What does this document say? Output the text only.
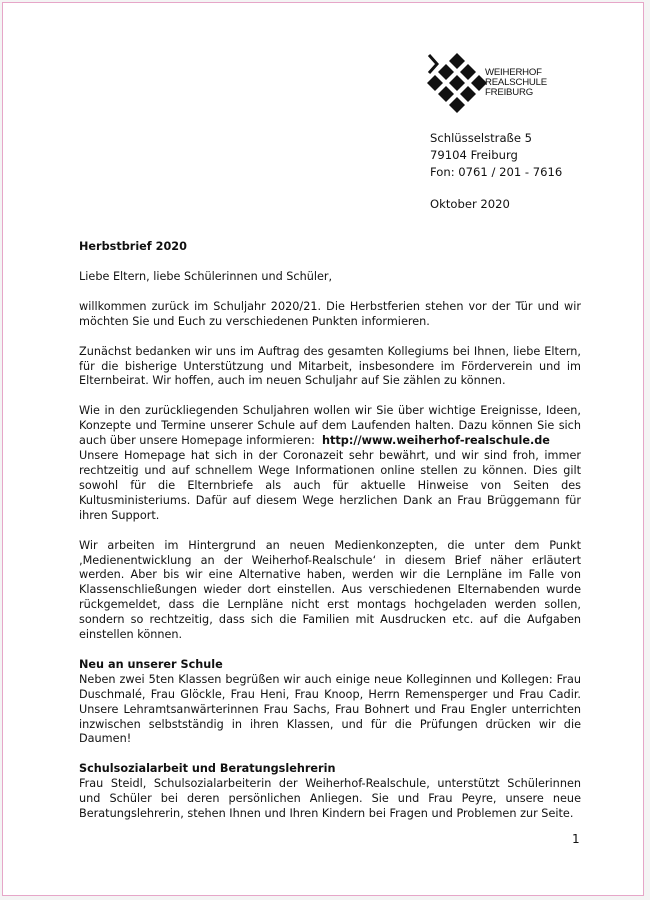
WEIHERHOF
REALSCHULE
FREIBURG
Schlüsselstraße 5
79104 Freiburg
Fon: 0761 / 201 - 7616
Oktober 2020
Herbstbrief 2020

Liebe Eltern, liebe Schülerinnen und Schüler,

willkommen zurück im Schuljahr 2020/21. Die Herbstferien stehen vor der Tür und wir möchten Sie und Euch zu verschiedenen Punkten informieren.

Zunächst bedanken wir uns im Auftrag des gesamten Kollegiums bei Ihnen, liebe Eltern, für die bisherige Unterstützung und Mitarbeit, insbesondere im Förderverein und im Elternbeirat. Wir hoffen, auch im neuen Schuljahr auf Sie zählen zu können.

Wie in den zurückliegenden Schuljahren wollen wir Sie über wichtige Ereignisse, Ideen, Konzepte und Termine unserer Schule auf dem Laufenden halten. Dazu können Sie sich auch über unsere Homepage informieren: http://www.weiherhof-realschule.de
Unsere Homepage hat sich in der Coronazeit sehr bewährt, und wir sind froh, immer rechtzeitig und auf schnellem Wege Informationen online stellen zu können. Dies gilt sowohl für die Elternbriefe als auch für aktuelle Hinweise von Seiten des Kultusministeriums. Dafür auf diesem Wege herzlichen Dank an Frau Brüggemann für ihren Support.

Wir arbeiten im Hintergrund an neuen Medienkonzepten, die unter dem Punkt ‚Medienentwicklung an der Weiherhof-Realschule‘ in diesem Brief näher erläutert werden. Aber bis wir eine Alternative haben, werden wir die Lernpläne im Falle von Klassenschließungen wieder dort einstellen. Aus verschiedenen Elternabenden wurde rückgemeldet, dass die Lernpläne nicht erst montags hochgeladen werden sollen, sondern so rechtzeitig, dass sich die Familien mit Ausdrucken etc. auf die Aufgaben einstellen können.

Neu an unserer Schule

Neben zwei 5ten Klassen begrüßen wir auch einige neue Kolleginnen und Kollegen: Frau Duschmalé, Frau Glöckle, Frau Heni, Frau Knoop, Herrn Remensperger und Frau Cadir. Unsere Lehramtsanwärterinnen Frau Sachs, Frau Bohnert und Frau Engler unterrichten inzwischen selbstständig in ihren Klassen, und für die Prüfungen drücken wir die Daumen!

Schulsozialarbeit und Beratungslehrerin

Frau Steidl, Schulsozialarbeiterin der Weiherhof-Realschule, unterstützt Schülerinnen und Schüler bei deren persönlichen Anliegen. Sie und Frau Peyre, unsere neue Beratungslehrerin, stehen Ihnen und Ihren Kindern bei Fragen und Problemen zur Seite.

1
